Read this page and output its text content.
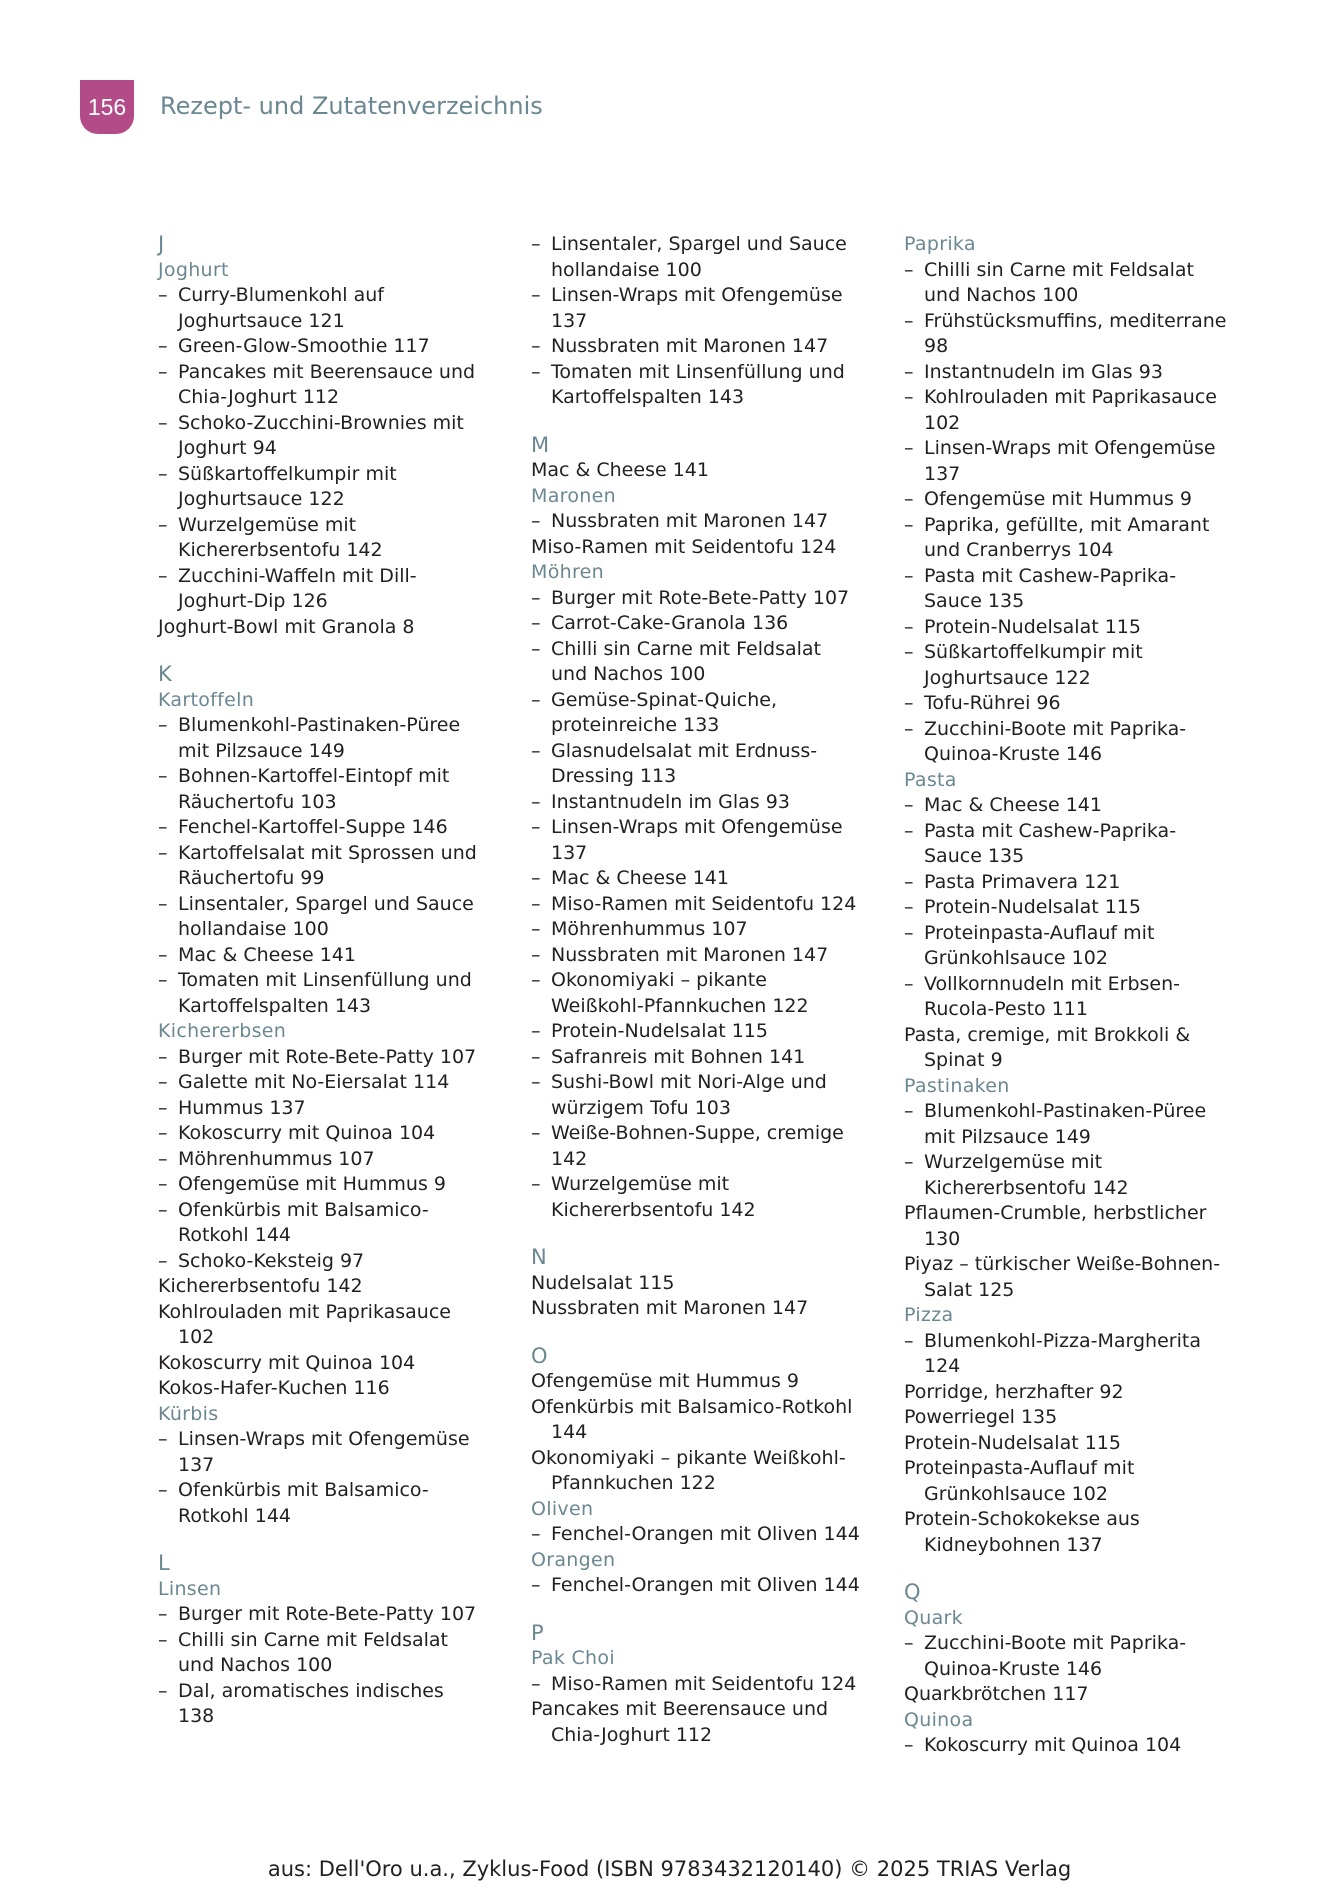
156 Rezept- und Zutatenverzeichnis
J
Joghurt
– Curry-Blumenkohl auf
Joghurtsauce 121
– Green-Glow-Smoothie 117
– Pancakes mit Beerensauce und
Chia-Joghurt 112
– Schoko-Zucchini-Brownies mit
Joghurt 94
– Süßkartoffelkumpir mit
Joghurtsauce 122
– Wurzelgemüse mit
Kichererbsentofu 142
– Zucchini-Waffeln mit Dill-
Joghurt-Dip 126
Joghurt-Bowl mit Granola 8
K
Kartoffeln
– Blumenkohl-Pastinaken-Püree
mit Pilzsauce 149
– Bohnen-Kartoffel-Eintopf mit
Räuchertofu 103
– Fenchel-Kartoffel-Suppe 146
– Kartoffelsalat mit Sprossen und
Räuchertofu 99
– Linsentaler, Spargel und Sauce
hollandaise 100
– Mac & Cheese 141
– Tomaten mit Linsenfüllung und
Kartoffelspalten 143
Kichererbsen
– Burger mit Rote-Bete-Patty 107
– Galette mit No-Eiersalat 114
– Hummus 137
– Kokoscurry mit Quinoa 104
– Möhrenhummus 107
– Ofengemüse mit Hummus 9
– Ofenkürbis mit Balsamico-
Rotkohl 144
– Schoko-Keksteig 97
Kichererbsentofu 142
Kohlrouladen mit Paprikasauce
102
Kokoscurry mit Quinoa 104
Kokos-Hafer-Kuchen 116
Kürbis
– Linsen-Wraps mit Ofengemüse
137
– Ofenkürbis mit Balsamico-
Rotkohl 144
L
Linsen
– Burger mit Rote-Bete-Patty 107
– Chilli sin Carne mit Feldsalat
und Nachos 100
– Dal, aromatisches indisches
138
– Linsentaler, Spargel und Sauce
hollandaise 100
– Linsen-Wraps mit Ofengemüse
137
– Nussbraten mit Maronen 147
– Tomaten mit Linsenfüllung und
Kartoffelspalten 143
M
Mac & Cheese 141
Maronen
– Nussbraten mit Maronen 147
Miso-Ramen mit Seidentofu 124
Möhren
– Burger mit Rote-Bete-Patty 107
– Carrot-Cake-Granola 136
– Chilli sin Carne mit Feldsalat
und Nachos 100
– Gemüse-Spinat-Quiche,
proteinreiche 133
– Glasnudelsalat mit Erdnuss-
Dressing 113
– Instantnudeln im Glas 93
– Linsen-Wraps mit Ofengemüse
137
– Mac & Cheese 141
– Miso-Ramen mit Seidentofu 124
– Möhrenhummus 107
– Nussbraten mit Maronen 147
– Okonomiyaki – pikante
Weißkohl-Pfannkuchen 122
– Protein-Nudelsalat 115
– Safranreis mit Bohnen 141
– Sushi-Bowl mit Nori-Alge und
würzigem Tofu 103
– Weiße-Bohnen-Suppe, cremige
142
– Wurzelgemüse mit
Kichererbsentofu 142
N
Nudelsalat 115
Nussbraten mit Maronen 147
O
Ofengemüse mit Hummus 9
Ofenkürbis mit Balsamico-Rotkohl
144
Okonomiyaki – pikante Weißkohl-
Pfannkuchen 122
Oliven
– Fenchel-Orangen mit Oliven 144
Orangen
– Fenchel-Orangen mit Oliven 144
P
Pak Choi
– Miso-Ramen mit Seidentofu 124
Pancakes mit Beerensauce und
Chia-Joghurt 112
Paprika
– Chilli sin Carne mit Feldsalat
und Nachos 100
– Frühstücksmuffins, mediterrane
98
– Instantnudeln im Glas 93
– Kohlrouladen mit Paprikasauce
102
– Linsen-Wraps mit Ofengemüse
137
– Ofengemüse mit Hummus 9
– Paprika, gefüllte, mit Amarant
und Cranberrys 104
– Pasta mit Cashew-Paprika-
Sauce 135
– Protein-Nudelsalat 115
– Süßkartoffelkumpir mit
Joghurtsauce 122
– Tofu-Rührei 96
– Zucchini-Boote mit Paprika-
Quinoa-Kruste 146
Pasta
– Mac & Cheese 141
– Pasta mit Cashew-Paprika-
Sauce 135
– Pasta Primavera 121
– Protein-Nudelsalat 115
– Proteinpasta-Auflauf mit
Grünkohlsauce 102
– Vollkornnudeln mit Erbsen-
Rucola-Pesto 111
Pasta, cremige, mit Brokkoli &
Spinat 9
Pastinaken
– Blumenkohl-Pastinaken-Püree
mit Pilzsauce 149
– Wurzelgemüse mit
Kichererbsentofu 142
Pflaumen-Crumble, herbstlicher
130
Piyaz – türkischer Weiße-Bohnen-
Salat 125
Pizza
– Blumenkohl-Pizza-Margherita
124
Porridge, herzhafter 92
Powerriegel 135
Protein-Nudelsalat 115
Proteinpasta-Auflauf mit
Grünkohlsauce 102
Protein-Schokokekse aus
Kidneybohnen 137
Q
Quark
– Zucchini-Boote mit Paprika-
Quinoa-Kruste 146
Quarkbrötchen 117
Quinoa
– Kokoscurry mit Quinoa 104
aus: Dell'Oro u.a., Zyklus-Food (ISBN 9783432120140) © 2025 TRIAS Verlag
